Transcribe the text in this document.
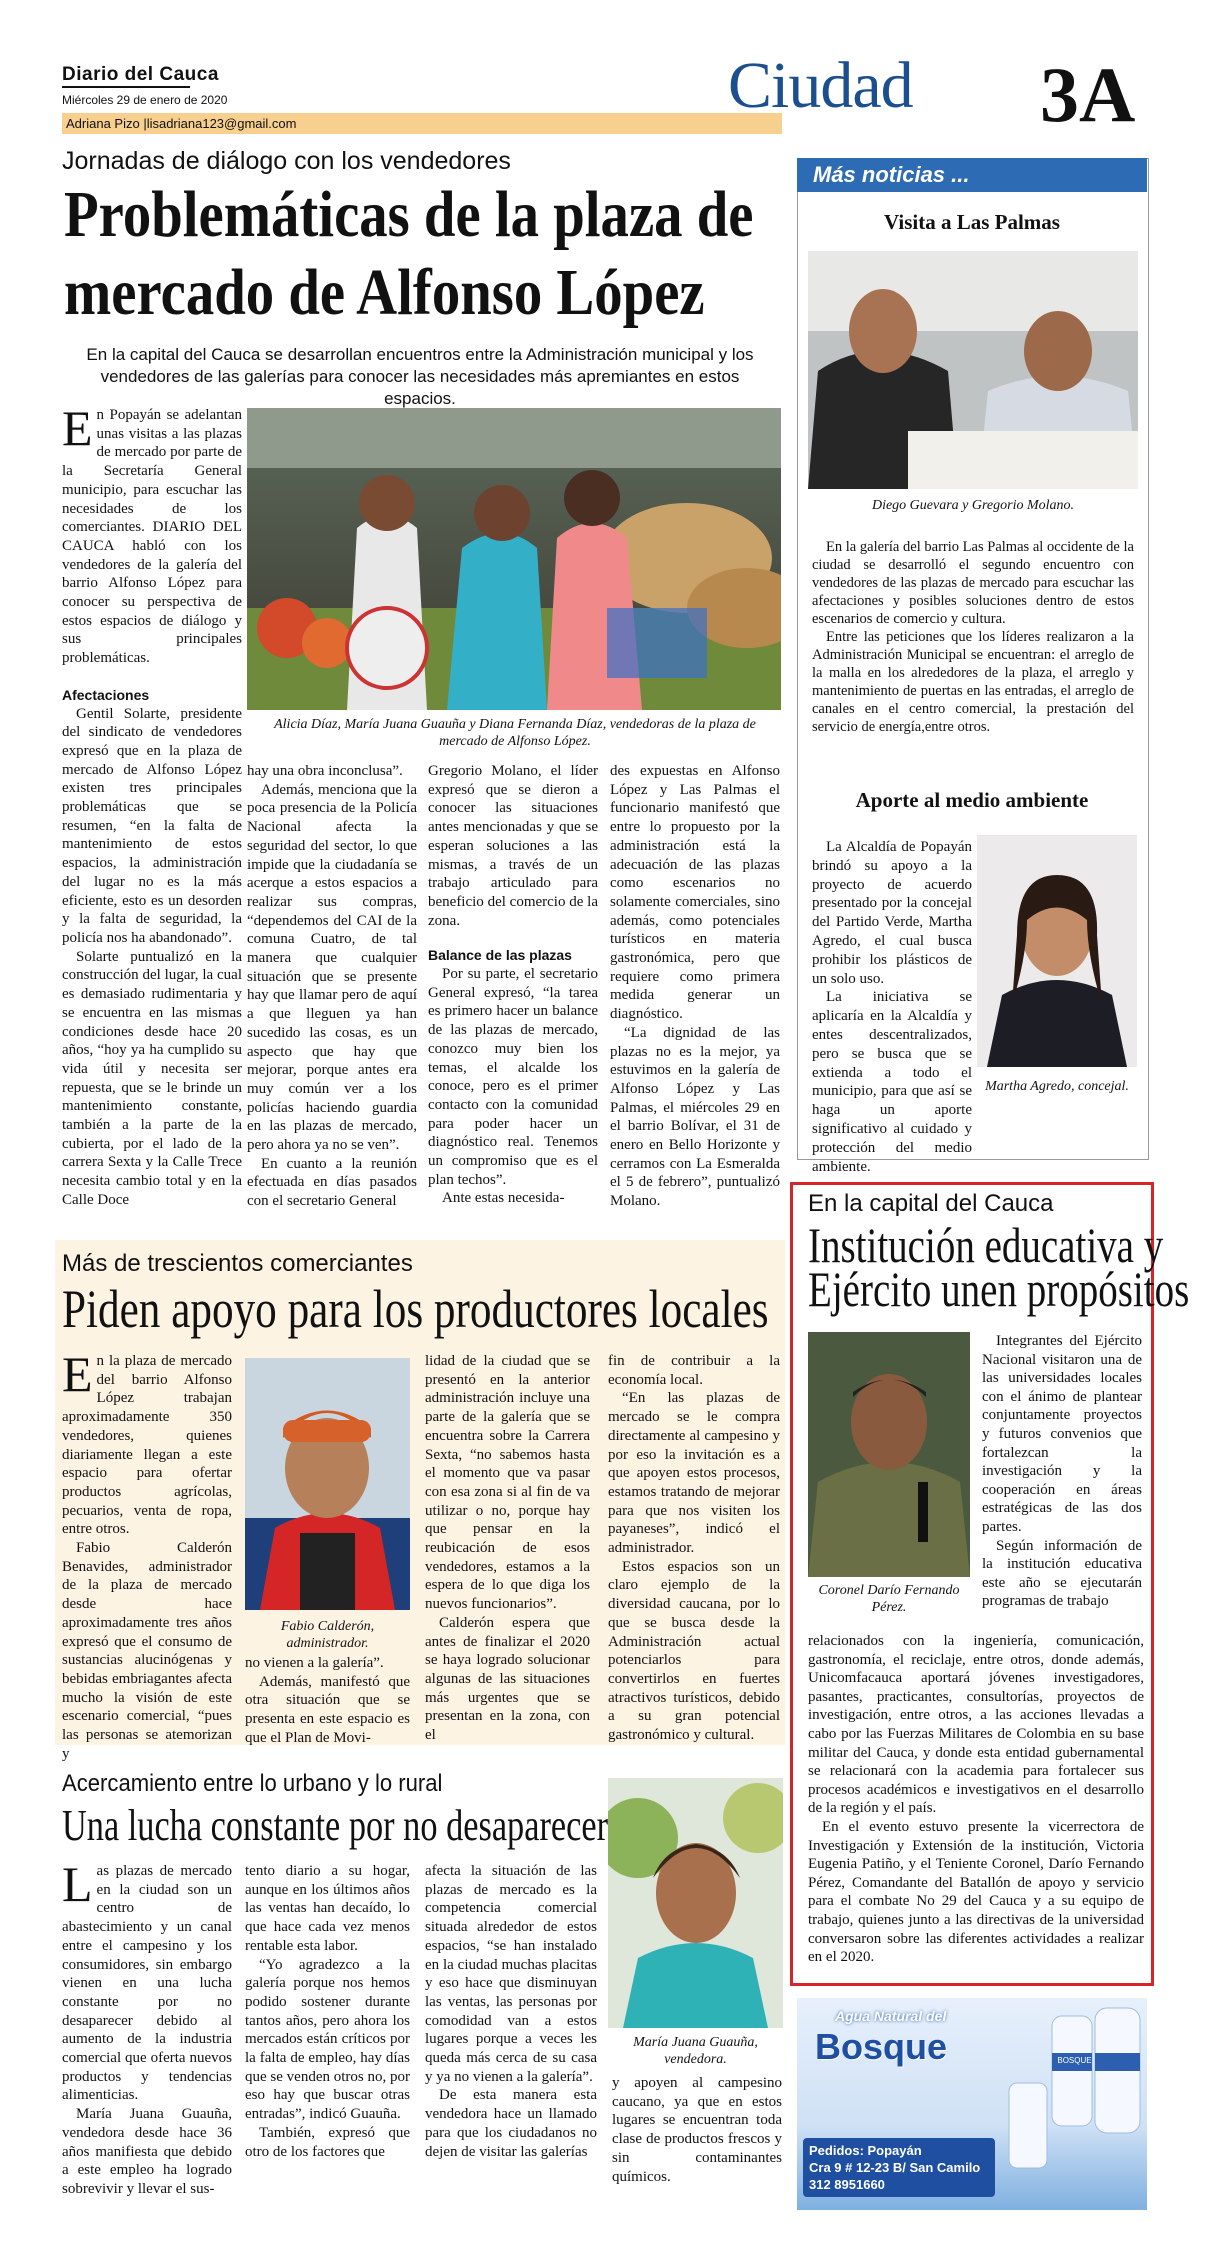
Diario del Cauca
Miércoles 29 de enero de 2020
Adriana Pizo |lisadriana123@gmail.com
Ciudad 3A
Jornadas de diálogo con los vendedores
Problemáticas de la plaza de
mercado de Alfonso López
En la capital del Cauca se desarrollan encuentros entre la Administración municipal y los vendedores de las galerías para conocer las necesidades más apremiantes en estos espacios.

En Popayán se adelantan unas visitas a las plazas de mercado por parte de la Secretaría General municipio, para escuchar las necesidades de los comerciantes. DIARIO DEL CAUCA habló con los vendedores de la galería del barrio Alfonso López para conocer su perspectiva de estos espacios de diálogo y sus principales problemáticas.

Afectaciones

Gentil Solarte, presidente del sindicato de vendedores expresó que en la plaza de mercado de Alfonso López existen tres principales problemáticas que se resumen, “en la falta de mantenimiento de estos espacios, la administración del lugar no es la más eficiente, esto es un desorden y la falta de seguridad, la policía nos ha abandonado”.

Solarte puntualizó en la construcción del lugar, la cual es demasiado rudimentaria y se encuentra en las mismas condiciones desde hace 20 años, “hoy ya ha cumplido su vida útil y necesita ser repuesta, que se le brinde un mantenimiento constante, también a la parte de la cubierta, por el lado de la carrera Sexta y la Calle Trece necesita cambio total y en la Calle Doce

Alicia Díaz, María Juana Guauña y Diana Fernanda Díaz, vendedoras de la plaza de mercado de Alfonso López.

hay una obra inconclusa”.

Además, menciona que la poca presencia de la Policía Nacional afecta la seguridad del sector, lo que impide que la ciudadanía se acerque a estos espacios a realizar sus compras, “dependemos del CAI de la comuna Cuatro, de tal manera que cualquier situación que se presente hay que llamar pero de aquí a que lleguen ya han sucedido las cosas, es un aspecto que hay que mejorar, porque antes era muy común ver a los policías haciendo guardia en las plazas de mercado, pero ahora ya no se ven”.

En cuanto a la reunión efectuada en días pasados con el secretario General

Gregorio Molano, el líder expresó que se dieron a conocer las situaciones antes mencionadas y que se esperan soluciones a las mismas, a través de un trabajo articulado para beneficio del comercio de la zona.

Balance de las plazas

Por su parte, el secretario General expresó, “la tarea es primero hacer un balance de las plazas de mercado, conozco muy bien los temas, el alcalde los conoce, pero es el primer contacto con la comunidad para poder hacer un diagnóstico real. Tenemos un compromiso que es el plan techos”.

Ante estas necesida-

des expuestas en Alfonso López y Las Palmas el funcionario manifestó que entre lo propuesto por la administración está la adecuación de las plazas como escenarios no solamente comerciales, sino además, como potenciales turísticos en materia gastronómica, pero que requiere como primera medida generar un diagnóstico.

“La dignidad de las plazas no es la mejor, ya estuvimos en la galería de Alfonso López y Las Palmas, el miércoles 29 en el barrio Bolívar, el 31 de enero en Bello Horizonte y cerramos con La Esmeralda el 5 de febrero”, puntualizó Molano.

Más de trescientos comerciantes
Piden apoyo para los productores locales

En la plaza de mercado del barrio Alfonso López trabajan aproximadamente 350 vendedores, quienes diariamente llegan a este espacio para ofertar productos agrícolas, pecuarios, venta de ropa, entre otros.

Fabio Calderón Benavides, administrador de la plaza de mercado desde hace aproximadamente tres años expresó que el consumo de sustancias alucinógenas y bebidas embriagantes afecta mucho la visión de este escenario comercial, “pues las personas se atemorizan y

Fabio Calderón, administrador.

no vienen a la galería”.

Además, manifestó que otra situación que se presenta en este espacio es que el Plan de Movi-

lidad de la ciudad que se presentó en la anterior administración incluye una parte de la galería que se encuentra sobre la Carrera Sexta, “no sabemos hasta el momento que va pasar con esa zona si al fin de va utilizar o no, porque hay que pensar en la reubicación de esos vendedores, estamos a la espera de lo que diga los nuevos funcionarios”.

Calderón espera que antes de finalizar el 2020 se haya logrado solucionar algunas de las situaciones más urgentes que se presentan en la zona, con el

fin de contribuir a la economía local.

“En las plazas de mercado se le compra directamente al campesino y por eso la invitación es a que apoyen estos procesos, estamos tratando de mejorar para que nos visiten los payaneses”, indicó el administrador.

Estos espacios son un claro ejemplo de la diversidad caucana, por lo que se busca desde la Administración actual potenciarlos para convertirlos en fuertes atractivos turísticos, debido a su gran potencial gastronómico y cultural.

Acercamiento entre lo urbano y lo rural
Una lucha constante por no desaparecer

Las plazas de mercado en la ciudad son un centro de abastecimiento y un canal entre el campesino y los consumidores, sin embargo vienen en una lucha constante por no desaparecer debido al aumento de la industria comercial que oferta nuevos productos y tendencias alimenticias.

María Juana Guauña, vendedora desde hace 36 años manifiesta que debido a este empleo ha logrado sobrevivir y llevar el sus-

tento diario a su hogar, aunque en los últimos años las ventas han decaído, lo que hace cada vez menos rentable esta labor.

“Yo agradezco a la galería porque nos hemos podido sostener durante tantos años, pero ahora los mercados están críticos por la falta de empleo, hay días que se venden otros no, por eso hay que buscar otras entradas”, indicó Guauña.

También, expresó que otro de los factores que

afecta la situación de las plazas de mercado es la competencia comercial situada alrededor de estos espacios, “se han instalado en la ciudad muchas placitas y eso hace que disminuyan las ventas, las personas por comodidad van a estos lugares porque a veces les queda más cerca de su casa y ya no vienen a la galería”.

De esta manera esta vendedora hace un llamado para que los ciudadanos no dejen de visitar las galerías

María Juana Guauña, vendedora.

y apoyen al campesino caucano, ya que en estos lugares se encuentran toda clase de productos frescos y sin contaminantes químicos.

Más noticias ...
Visita a Las Palmas
Diego Guevara y Gregorio Molano.

En la galería del barrio Las Palmas al occidente de la ciudad se desarrolló el segundo encuentro con vendedores de las plazas de mercado para escuchar las afectaciones y posibles soluciones dentro de estos escenarios de comercio y cultura.

Entre las peticiones que los líderes realizaron a la Administración Municipal se encuentran: el arreglo de la malla en los alrededores de la plaza, el arreglo y mantenimiento de puertas en las entradas, el arreglo de canales en el centro comercial, la prestación del servicio de energía,entre otros.

Aporte al medio ambiente

La Alcaldía de Popayán brindó su apoyo a la proyecto de acuerdo presentado por la concejal del Partido Verde, Martha Agredo, el cual busca prohibir los plásticos de un solo uso.

La iniciativa se aplicaría en la Alcaldía y entes descentralizados, pero se busca que se extienda a todo el municipio, para que así se haga un aporte significativo al cuidado y protección del medio ambiente.

Martha Agredo, concejal.
En la capital del Cauca
Institución educativa y
Ejército unen propósitos
Coronel Darío Fernando Pérez.

Integrantes del Ejército Nacional visitaron una de las universidades locales con el ánimo de plantear conjuntamente proyectos y futuros convenios que fortalezcan la investigación y la cooperación en áreas estratégicas de las dos partes.

Según información de la institución educativa este año se ejecutarán programas de trabajo

relacionados con la ingeniería, comunicación, gastronomía, el reciclaje, entre otros, donde además, Unicomfacauca aportará jóvenes investigadores, pasantes, practicantes, consultorías, proyectos de investigación, entre otros, a las acciones llevadas a cabo por las Fuerzas Militares de Colombia en su base militar del Cauca, y donde esta entidad gubernamental se relacionará con la academia para fortalecer sus procesos académicos e investigativos en el desarrollo de la región y el país.

En el evento estuvo presente la vicerrectora de Investigación y Extensión de la institución, Victoria Eugenia Patiño, y el Teniente Coronel, Darío Fernando Pérez, Comandante del Batallón de apoyo y servicio para el combate No 29 del Cauca y a su equipo de trabajo, quienes junto a las directivas de la universidad conversaron sobre las diferentes actividades a realizar en el 2020.

Agua Natural del
Bosque	BOSQUE
Pedidos: Popayán
Cra 9 # 12-23 B/ San Camilo
312 8951660
